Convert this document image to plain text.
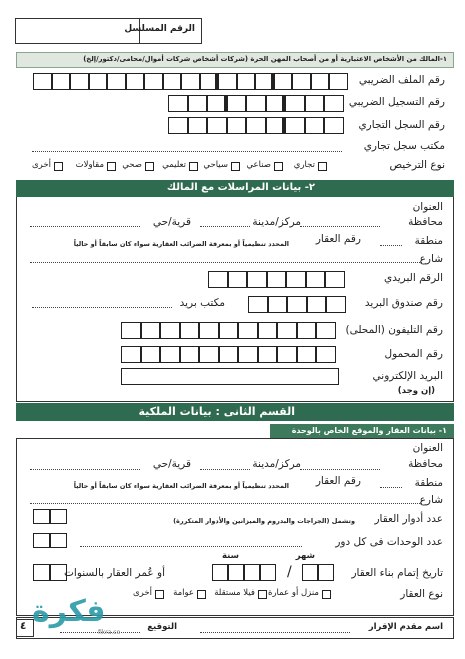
الرقم المسلسل
١-المالك من الأشخاص الاعتبارية أو من أصحاب المهن الحرة (شركات أشخاص شركات أموال/محامى/دكتور/إلخ)
رقم الملف الضريبي
رقم التسجيل الضريبي
رقم السجل التجاري
مكتب سجل تجاري
نوع الترخيص
تجاري
صناعي
سياحي
تعليمي
صحي
مقاولات
أخرى
٢- بيانات المراسلات مع المالك
العنوان
محافظة
مركز/مدينة
قرية/حي
منطقة
رقم العقار
المحدد تنظيمياً أو بمعرفة الضرائب العقارية سواء كان سابقاً أو حالياً
شارع
الرقم البريدي
رقم صندوق البريد
مكتب بريد
رقم التليفون (المحلى)
رقم المحمول
البريد الإلكتروني
(إن وجد)
القسم الثانى : بيانات الملكية
١- بيانات العقار والموقع الخاص بالوحدة
العنوان
محافظة
مركز/مدينة
قرية/حي
منطقة
رقم العقار
المحدد تنظيمياً أو بمعرفة الضرائب العقارية سواء كان سابقاً أو حالياً
شارع
عدد أدوار العقار
وتشمل (الجراجات والبدروم والميزانين والأدوار المتكررة)
عدد الوحدات فى كل دور
شهر
سنة
أو عُمر العقار بالسنوات	/	تاريخ إتمام بناء العقار
نوع العقار
منزل أو عمارة
فيلا مستقلة
عوامة
أخرى
اسم مقدم الإقرار
التوقيع
٤ فكرة
fikra.co
